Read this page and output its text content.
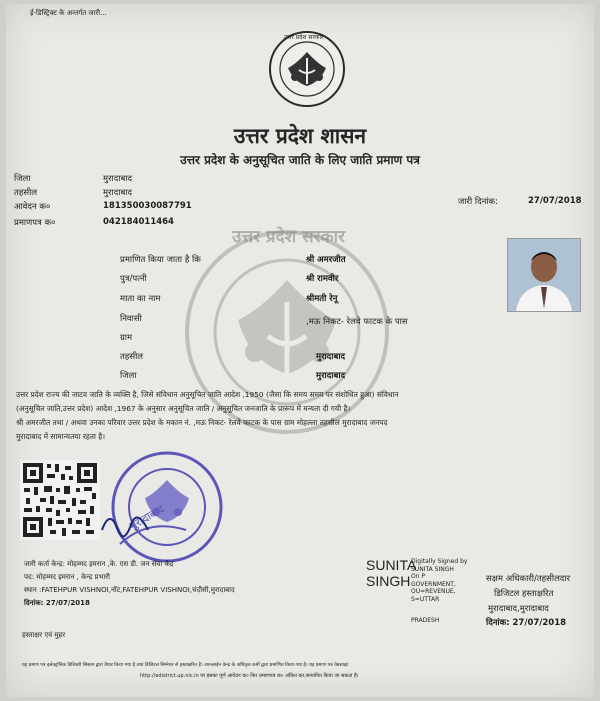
ई-डिस्ट्रिक्ट के अन्तर्गत जारी...
उत्तर प्रदेश सरकार
उत्तर प्रदेश शासन
उत्तर प्रदेश के अनुसूचित जाति के लिए जाति प्रमाण पत्र
जिला	मुरादाबाद
तहसील	मुरादाबाद
आवेदन क०	181350030087791
प्रमाणपत्र क०	042184011464
जारी दिनांक:	27/07/2018
उत्तर प्रदेश सरकार
प्रमाणित किया जाता है कि	श्री अमरजीत
पुत्र/पत्नी	श्री रामवीर
माता का नाम	श्रीमती रेनू
निवासी	,मऊ निकट- रेलवे फाटक के पास
ग्राम
तहसील	मुरादाबाद
जिला	मुरादाबाद
उत्तर प्रदेश राज्य की जाटव जाति के व्यक्ति है, जिसे संविधान अनुसूचित जाति आदेश ,1950 (जैसा कि समय समय पर संशोधित हुआ) संविधान
(अनुसूचित जाति,उत्तर प्रदेश) आदेश ,1967 के अनुसार अनुसूचित जाति / अनुसूचित जनजाति के प्रारूप में मन्यता दी गयी है।
श्री अमरजीत तथा / अथवा उनका परिवार उत्तर प्रदेश के मकान नं. ,मऊ निकट- रेलवे फाटक के पास ग्राम मोहल्ला तहसील मुरादाबाद जनपद
मुरादाबाद में सामान्यतया रहता है।
मुरादाबाद
जारी कर्ता केन्द्र: मोहम्मद इमरान ,के. एस डी. जन सेवा केंद्र
पद: मोहम्मद इमरान , केन्द्र प्रभारी
स्थान :FATEHPUR VISHNOI,नॉट,FATEHPUR VISHNOI,चंदौसी,मुरादाबाद
दिनांक: 27/07/2018
SUNITA
SINGH
Digitally Signed by
SUNITA SINGH
On P
GOVERNMENT,
OU=REVENUE,
S=UTTAR
PRADESH
सक्षम अधिकारी/तहसीलदार
डिजिटल हस्ताक्षरित
मुरादाबाद,मुरादाबाद
दिनांक: 27/07/2018
हस्ताक्षर एवं मुहर
यह प्रमाण पत्र इलेक्ट्रॉनिक डिलिवरी सिस्टम द्वारा तैयार किया गया है तथा डिजिटल सिग्नेचर से हस्ताक्षरित है। आनलाईन केन्द्र के अधिकृत कर्मी द्वारा प्रमाणित किया गया है। यह प्रमाण पत्र वेबसाइट
http://edistrict.up.nic.in पर इसका पूर्ण आवेदन क० फिर प्रमाणपत्र क० अंकित कर,सत्यापित किया जा सकता है।
